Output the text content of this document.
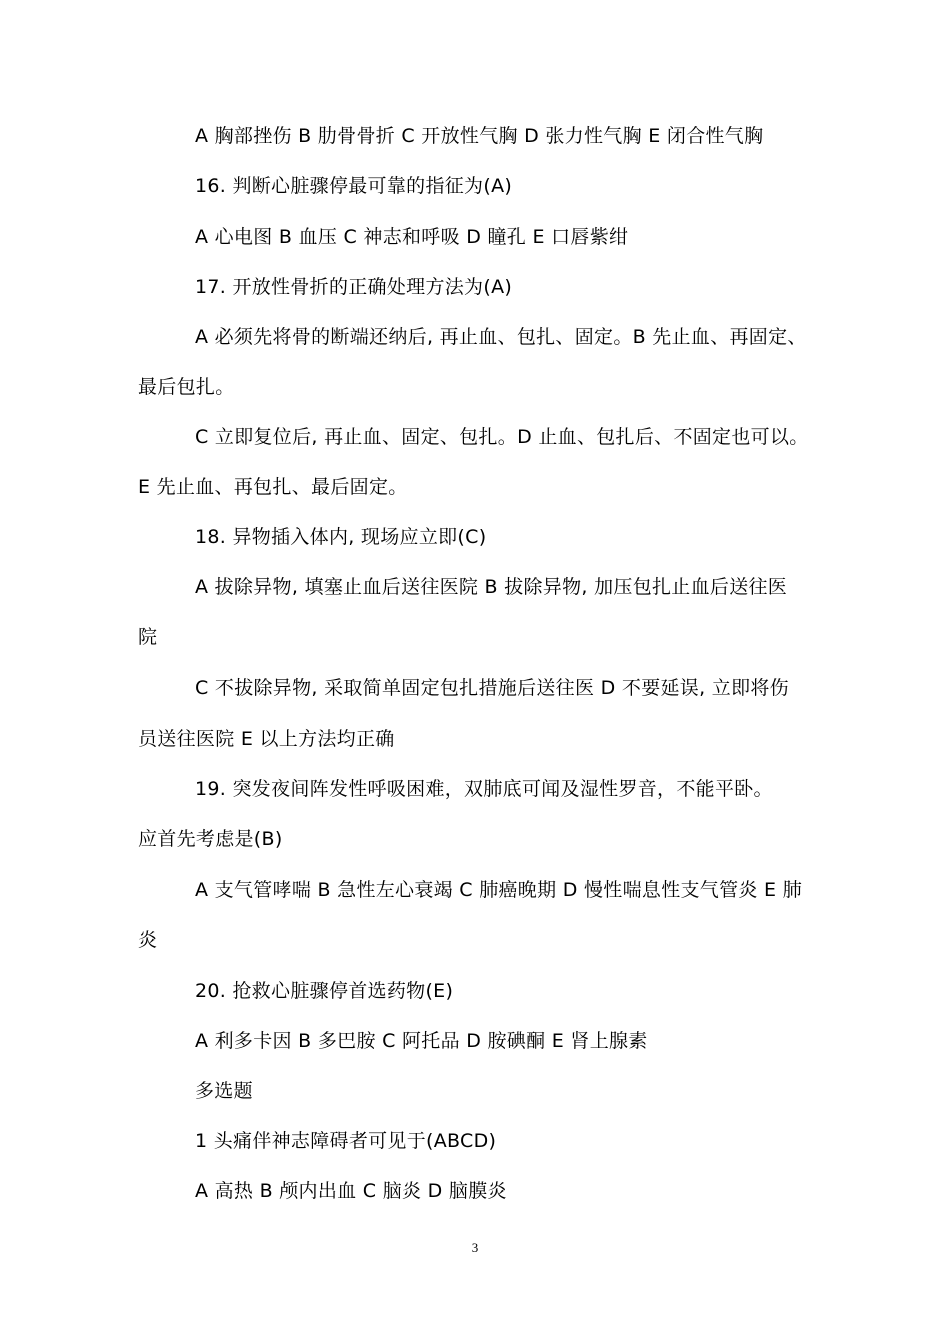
A 胸部挫伤 B 肋骨骨折 C 开放性气胸 D 张力性气胸 E 闭合性气胸
16. 判断心脏骤停最可靠的指征为(A)
A 心电图 B 血压 C 神志和呼吸 D 瞳孔 E 口唇紫绀
17. 开放性骨折的正确处理方法为(A)
A 必须先将骨的断端还纳后, 再止血、包扎、固定。B 先止血、再固定、
最后包扎。
C 立即复位后, 再止血、固定、包扎。D 止血、包扎后、不固定也可以。
E 先止血、再包扎、最后固定。
18. 异物插入体内, 现场应立即(C)
A 拔除异物, 填塞止血后送往医院 B 拔除异物, 加压包扎止血后送往医
院
C 不拔除异物, 采取简单固定包扎措施后送往医 D 不要延误, 立即将伤
员送往医院 E 以上方法均正确
19. 突发夜间阵发性呼吸困难，双肺底可闻及湿性罗音，不能平卧。
应首先考虑是(B)
A 支气管哮喘 B 急性左心衰竭 C 肺癌晚期 D 慢性喘息性支气管炎 E 肺
炎
20. 抢救心脏骤停首选药物(E)
A 利多卡因 B 多巴胺 C 阿托品 D 胺碘酮 E 肾上腺素
多选题
1 头痛伴神志障碍者可见于(ABCD)
A 高热 B 颅内出血 C 脑炎 D 脑膜炎
3
